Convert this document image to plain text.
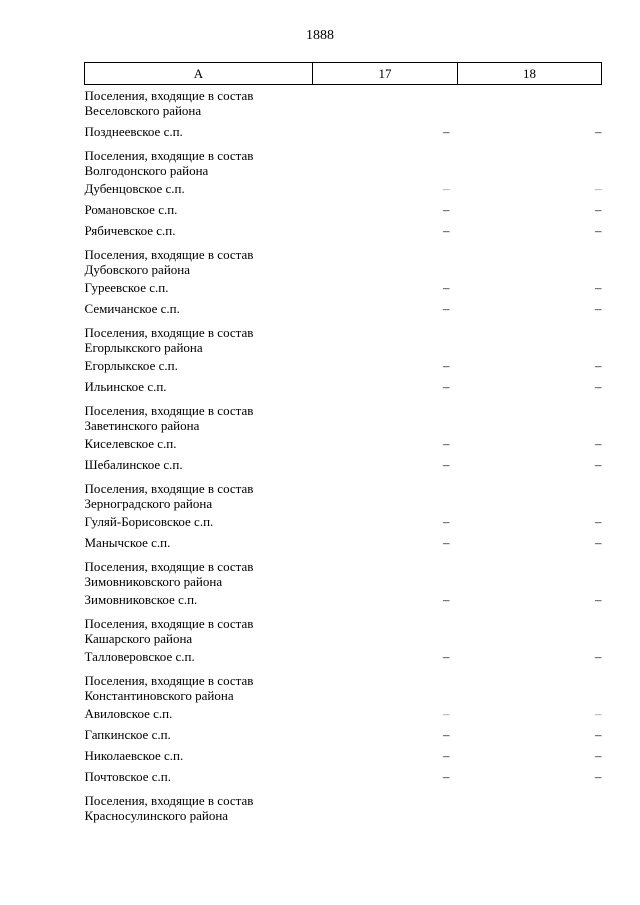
1888
А	17	18
Поселения, входящие в состав Веселовского района		
Позднеевское с.п.	–	–
Поселения, входящие в состав Волгодонского района		
Дубенцовское с.п.	–	–
Романовское с.п.	–	–
Рябичевское с.п.	–	–
Поселения, входящие в состав Дубовского района		
Гуреевское с.п.	–	–
Семичанское с.п.	–	–
Поселения, входящие в состав Егорлыкского района		
Егорлыкское с.п.	–	–
Ильинское с.п.	–	–
Поселения, входящие в состав Заветинского района		
Киселевское с.п.	–	–
Шебалинское с.п.	–	–
Поселения, входящие в состав Зерноградского района		
Гуляй-Борисовское с.п.	–	–
Манычское с.п.	–	–
Поселения, входящие в состав Зимовниковского района		
Зимовниковское с.п.	–	–
Поселения, входящие в состав Кашарского района		
Талловеровское с.п.	–	–
Поселения, входящие в состав Константиновского района		
Авиловское с.п.	–	–
Гапкинское с.п.	–	–
Николаевское с.п.	–	–
Почтовское с.п.	–	–
Поселения, входящие в состав Красносулинского района		
